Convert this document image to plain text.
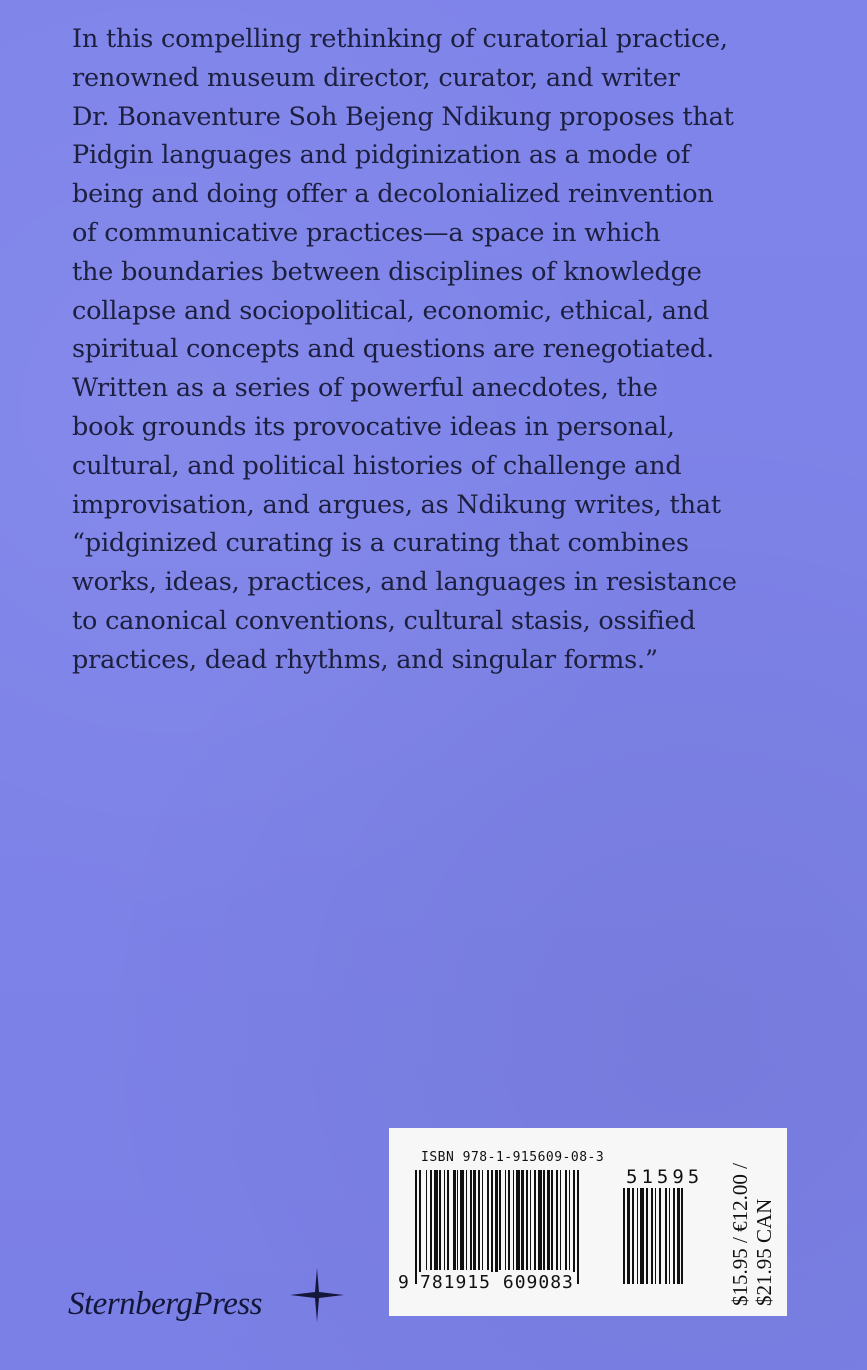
In this compelling rethinking of curatorial practice,
renowned museum director, curator, and writer
Dr. Bonaventure Soh Bejeng Ndikung proposes that
Pidgin languages and pidginization as a mode of
being and doing offer a decolonialized reinvention
of communicative practices—a space in which
the boundaries between disciplines of knowledge
collapse and sociopolitical, economic, ethical, and
spiritual concepts and questions are renegotiated.
Written as a series of powerful anecdotes, the
book grounds its provocative ideas in personal,
cultural, and political histories of challenge and
improvisation, and argues, as Ndikung writes, that
“pidginized curating is a curating that combines
works, ideas, practices, and languages in resistance
to canonical conventions, cultural stasis, ossified
practices, dead rhythms, and singular forms.”

ISBN 978-1-915609-08-3
51595
9 781915 609083	$15.95 / €12.00 / $21.95 CAN
SternbergPress
